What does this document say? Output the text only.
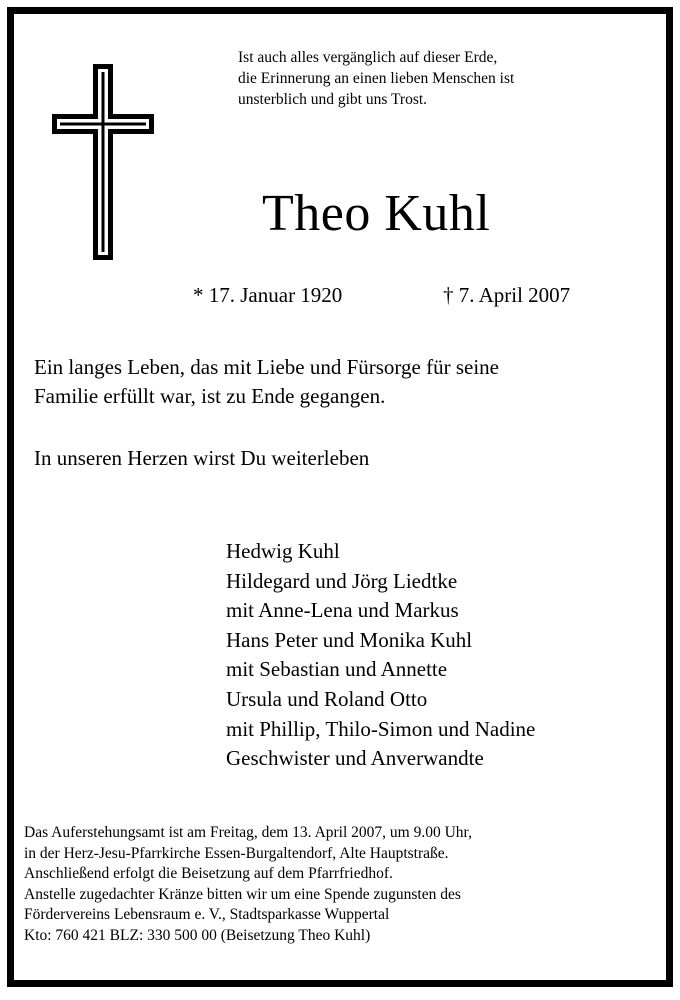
Ist auch alles vergänglich auf dieser Erde,
die Erinnerung an einen lieben Menschen ist
unsterblich und gibt uns Trost.
Theo Kuhl
* 17. Januar 1920	† 7. April 2007
Ein langes Leben, das mit Liebe und Fürsorge für seine
Familie erfüllt war, ist zu Ende gegangen.
In unseren Herzen wirst Du weiterleben
Hedwig Kuhl
Hildegard und Jörg Liedtke
mit Anne-Lena und Markus
Hans Peter und Monika Kuhl
mit Sebastian und Annette
Ursula und Roland Otto
mit Phillip, Thilo-Simon und Nadine
Geschwister und Anverwandte
Das Auferstehungsamt ist am Freitag, dem 13. April 2007, um 9.00 Uhr,
in der Herz-Jesu-Pfarrkirche Essen-Burgaltendorf, Alte Hauptstraße.
Anschließend erfolgt die Beisetzung auf dem Pfarrfriedhof.
Anstelle zugedachter Kränze bitten wir um eine Spende zugunsten des
Fördervereins Lebensraum e. V., Stadtsparkasse Wuppertal
Kto: 760 421 BLZ: 330 500 00 (Beisetzung Theo Kuhl)
